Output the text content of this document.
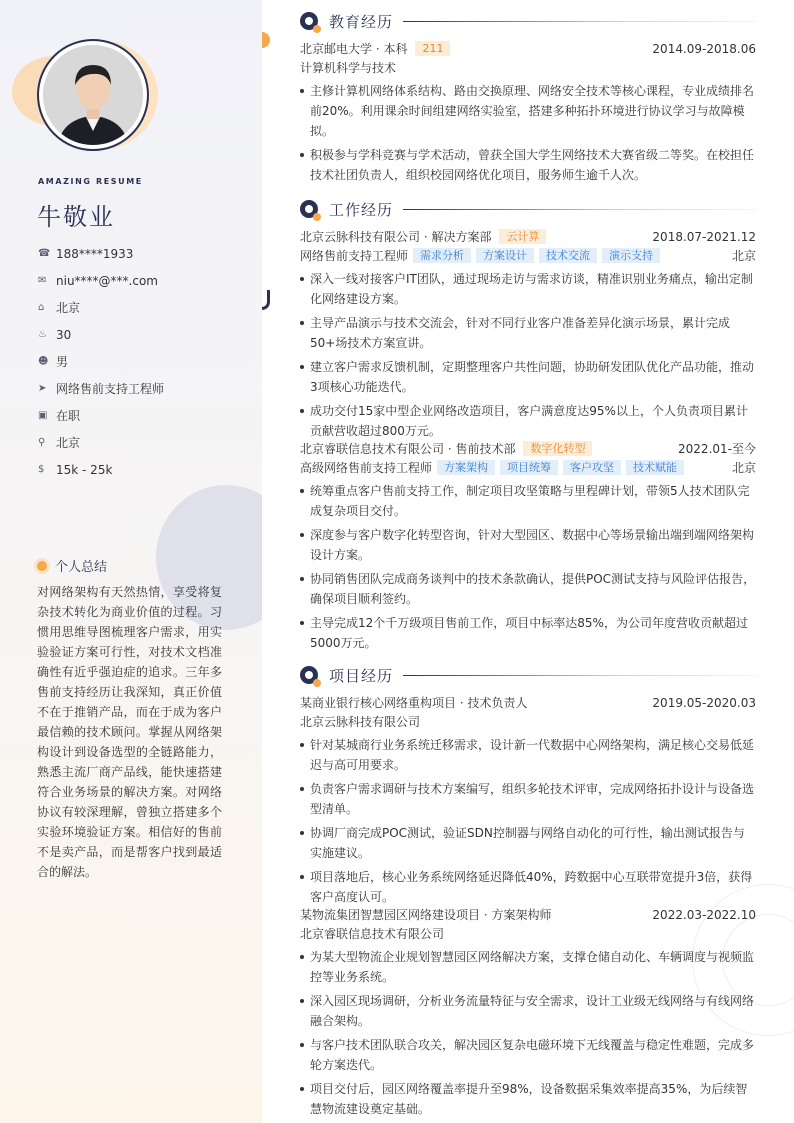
AMAZING RESUME
牛敬业
☎ 188****1933
✉ niu****@***.com
⌂ 北京
♨ 30
☻ 男
➤ 网络售前支持工程师
▣ 在职
⚲ 北京
$ 15k - 25k
个人总结
对网络架构有天然热情，享受将复杂技术转化为商业价值的过程。习惯用思维导图梳理客户需求，用实验验证方案可行性，对技术文档准确性有近乎强迫症的追求。三年多售前支持经历让我深知，真正价值不在于推销产品，而在于成为客户最信赖的技术顾问。掌握从网络架构设计到设备选型的全链路能力，熟悉主流厂商产品线，能快速搭建符合业务场景的解决方案。对网络协议有较深理解，曾独立搭建多个实验环境验证方案。相信好的售前不是卖产品，而是帮客户找到最适合的解法。
教育经历
北京邮电大学 · 本科	211	2014.09-2018.06
计算机科学与技术
主修计算机网络体系结构、路由交换原理、网络安全技术等核心课程，专业成绩排名前20%。利用课余时间组建网络实验室，搭建多种拓扑环境进行协议学习与故障模拟。
积极参与学科竞赛与学术活动，曾获全国大学生网络技术大赛省级二等奖。在校担任技术社团负责人，组织校园网络优化项目，服务师生逾千人次。
工作经历
北京云脉科技有限公司 · 解决方案部	云计算	2018.07-2021.12
网络售前支持工程师	需求分析	方案设计	技术交流	演示支持	北京
深入一线对接客户IT团队，通过现场走访与需求访谈，精准识别业务痛点，输出定制化网络建设方案。
主导产品演示与技术交流会，针对不同行业客户准备差异化演示场景，累计完成50+场技术方案宣讲。
建立客户需求反馈机制，定期整理客户共性问题，协助研发团队优化产品功能，推动3项核心功能迭代。
成功交付15家中型企业网络改造项目，客户满意度达95%以上，个人负责项目累计贡献营收超过800万元。
北京睿联信息技术有限公司 · 售前技术部	数字化转型	2022.01-至今
高级网络售前支持工程师	方案架构	项目统筹	客户攻坚	技术赋能	北京
统筹重点客户售前支持工作，制定项目攻坚策略与里程碑计划，带领5人技术团队完成复杂项目交付。
深度参与客户数字化转型咨询，针对大型园区、数据中心等场景输出端到端网络架构设计方案。
协同销售团队完成商务谈判中的技术条款确认，提供POC测试支持与风险评估报告，确保项目顺利签约。
主导完成12个千万级项目售前工作，项目中标率达85%，为公司年度营收贡献超过5000万元。
项目经历
某商业银行核心网络重构项目 · 技术负责人	2019.05-2020.03
北京云脉科技有限公司
针对某城商行业务系统迁移需求，设计新一代数据中心网络架构，满足核心交易低延迟与高可用要求。
负责客户需求调研与技术方案编写，组织多轮技术评审，完成网络拓扑设计与设备选型清单。
协调厂商完成POC测试，验证SDN控制器与网络自动化的可行性，输出测试报告与实施建议。
项目落地后，核心业务系统网络延迟降低40%，跨数据中心互联带宽提升3倍，获得客户高度认可。
某物流集团智慧园区网络建设项目 · 方案架构师	2022.03-2022.10
北京睿联信息技术有限公司
为某大型物流企业规划智慧园区网络解决方案，支撑仓储自动化、车辆调度与视频监控等业务系统。
深入园区现场调研，分析业务流量特征与安全需求，设计工业级无线网络与有线网络融合架构。
与客户技术团队联合攻关，解决园区复杂电磁环境下无线覆盖与稳定性难题，完成多轮方案迭代。
项目交付后，园区网络覆盖率提升至98%，设备数据采集效率提高35%，为后续智慧物流建设奠定基础。
